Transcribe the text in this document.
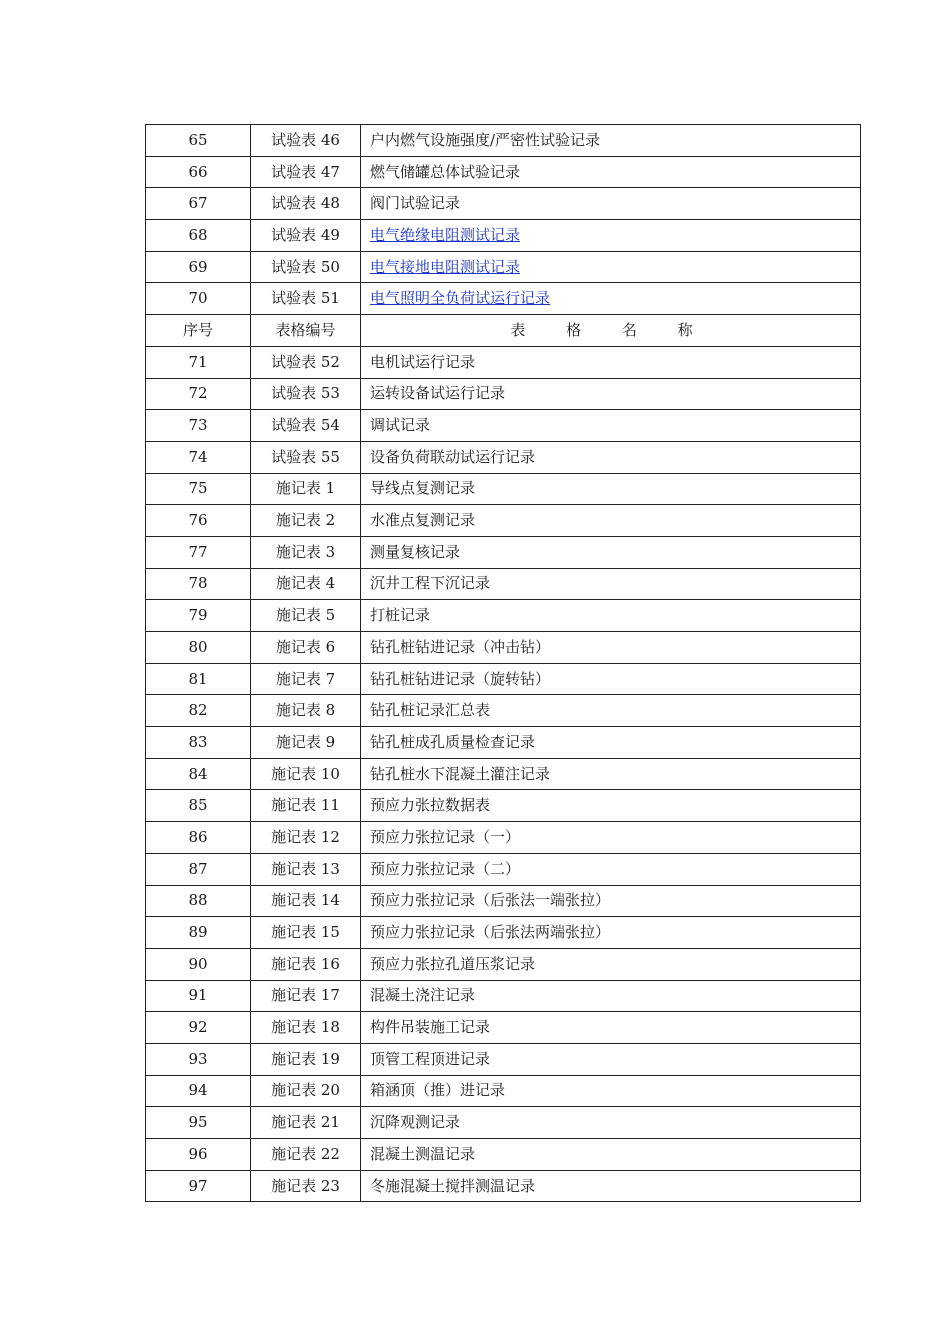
65	试验表 46	户内燃气设施强度/严密性试验记录
66	试验表 47	燃气储罐总体试验记录
67	试验表 48	阀门试验记录
68	试验表 49	电气绝缘电阻测试记录
69	试验表 50	电气接地电阻测试记录
70	试验表 51	电气照明全负荷试运行记录
序号	表格编号	表 格 名 称
71	试验表 52	电机试运行记录
72	试验表 53	运转设备试运行记录
73	试验表 54	调试记录
74	试验表 55	设备负荷联动试运行记录
75	施记表 1	导线点复测记录
76	施记表 2	水准点复测记录
77	施记表 3	测量复核记录
78	施记表 4	沉井工程下沉记录
79	施记表 5	打桩记录
80	施记表 6	钻孔桩钻进记录（冲击钻）
81	施记表 7	钻孔桩钻进记录（旋转钻）
82	施记表 8	钻孔桩记录汇总表
83	施记表 9	钻孔桩成孔质量检查记录
84	施记表 10	钻孔桩水下混凝土灌注记录
85	施记表 11	预应力张拉数据表
86	施记表 12	预应力张拉记录（一）
87	施记表 13	预应力张拉记录（二）
88	施记表 14	预应力张拉记录（后张法一端张拉）
89	施记表 15	预应力张拉记录（后张法两端张拉）
90	施记表 16	预应力张拉孔道压浆记录
91	施记表 17	混凝土浇注记录
92	施记表 18	构件吊装施工记录
93	施记表 19	顶管工程顶进记录
94	施记表 20	箱涵顶（推）进记录
95	施记表 21	沉降观测记录
96	施记表 22	混凝土测温记录
97	施记表 23	冬施混凝土搅拌测温记录
